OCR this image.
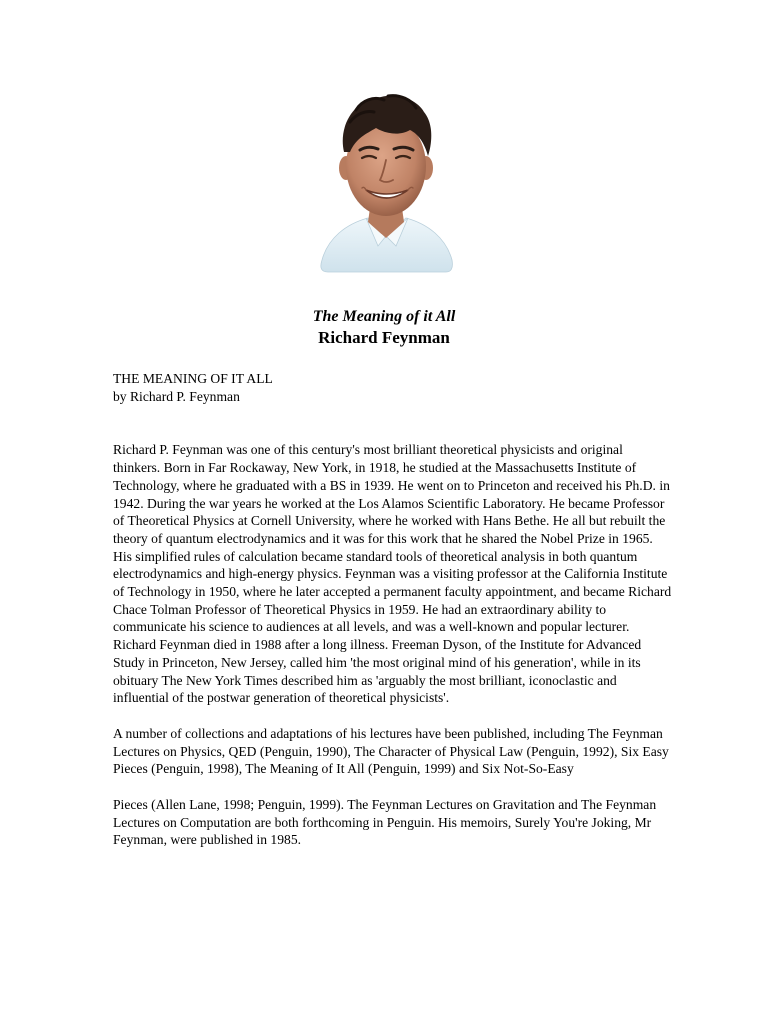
The Meaning of it All
Richard Feynman
THE MEANING OF IT ALL
by Richard P. Feynman

Richard P. Feynman was one of this century's most brilliant theoretical physicists and original thinkers. Born in Far Rockaway, New York, in 1918, he studied at the Massachusetts Institute of Technology, where he graduated with a BS in 1939. He went on to Princeton and received his Ph.D. in 1942. During the war years he worked at the Los Alamos Scientific Laboratory. He became Professor of Theoretical Physics at Cornell University, where he worked with Hans Bethe. He all but rebuilt the theory of quantum electrodynamics and it was for this work that he shared the Nobel Prize in 1965. His simplified rules of calculation became standard tools of theoretical analysis in both quantum electrodynamics and high-energy physics. Feynman was a visiting professor at the California Institute of Technology in 1950, where he later accepted a permanent faculty appointment, and became Richard Chace Tolman Professor of Theoretical Physics in 1959. He had an extraordinary ability to communicate his science to audiences at all levels, and was a well-known and popular lecturer. Richard Feynman died in 1988 after a long illness. Freeman Dyson, of the Institute for Advanced Study in Princeton, New Jersey, called him 'the most original mind of his generation', while in its obituary The New York Times described him as 'arguably the most brilliant, iconoclastic and influential of the postwar generation of theoretical physicists'.

A number of collections and adaptations of his lectures have been published, including The Feynman Lectures on Physics, QED (Penguin, 1990), The Character of Physical Law (Penguin, 1992), Six Easy Pieces (Penguin, 1998), The Meaning of It All (Penguin, 1999) and Six Not-So-Easy

Pieces (Allen Lane, 1998; Penguin, 1999). The Feynman Lectures on Gravitation and The Feynman Lectures on Computation are both forthcoming in Penguin. His memoirs, Surely You're Joking, Mr Feynman, were published in 1985.
